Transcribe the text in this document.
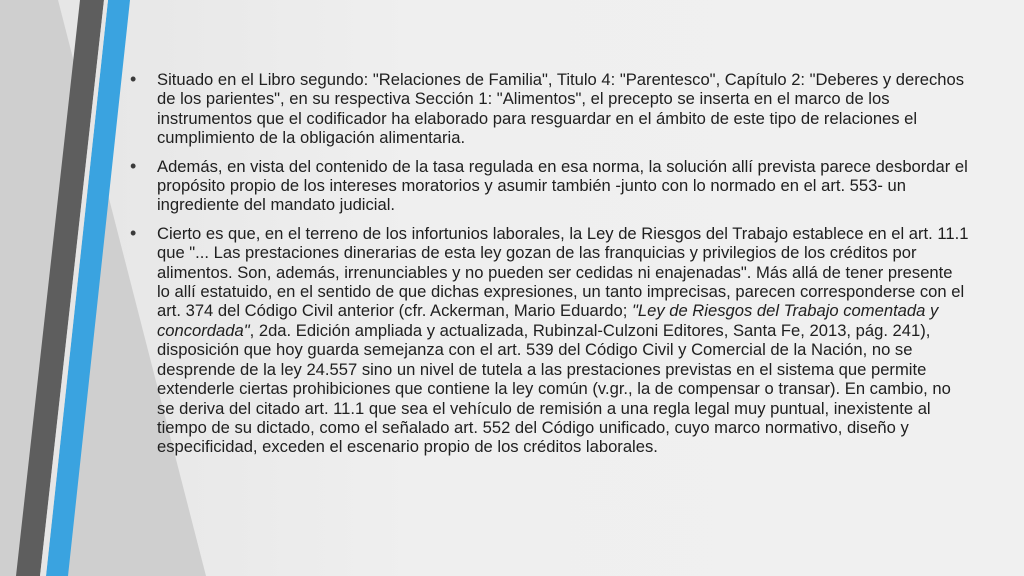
• Situado en el Libro segundo: "Relaciones de Familia", Titulo 4: "Parentesco", Capítulo 2: "Deberes y derechos de los parientes", en su respectiva Sección 1: "Alimentos", el precepto se inserta en el marco de los instrumentos que el codificador ha elaborado para resguardar en el ámbito de este tipo de relaciones el cumplimiento de la obligación alimentaria.
• Además, en vista del contenido de la tasa regulada en esa norma, la solución allí prevista parece desbordar el propósito propio de los intereses moratorios y asumir también -junto con lo normado en el art. 553- un ingrediente del mandato judicial.
• Cierto es que, en el terreno de los infortunios laborales, la Ley de Riesgos del Trabajo establece en el art. 11.1 que "... Las prestaciones dinerarias de esta ley gozan de las franquicias y privilegios de los créditos por alimentos. Son, además, irrenunciables y no pueden ser cedidas ni enajenadas". Más allá de tener presente lo allí estatuido, en el sentido de que dichas expresiones, un tanto imprecisas, parecen corresponderse con el art. 374 del Código Civil anterior (cfr. Ackerman, Mario Eduardo; "Ley de Riesgos del Trabajo comentada y concordada", 2da. Edición ampliada y actualizada, Rubinzal-Culzoni Editores, Santa Fe, 2013, pág. 241), disposición que hoy guarda semejanza con el art. 539 del Código Civil y Comercial de la Nación, no se desprende de la ley 24.557 sino un nivel de tutela a las prestaciones previstas en el sistema que permite extenderle ciertas prohibiciones que contiene la ley común (v.gr., la de compensar o transar). En cambio, no se deriva del citado art. 11.1 que sea el vehículo de remisión a una regla legal muy puntual, inexistente al tiempo de su dictado, como el señalado art. 552 del Código unificado, cuyo marco normativo, diseño y especificidad, exceden el escenario propio de los créditos laborales.
